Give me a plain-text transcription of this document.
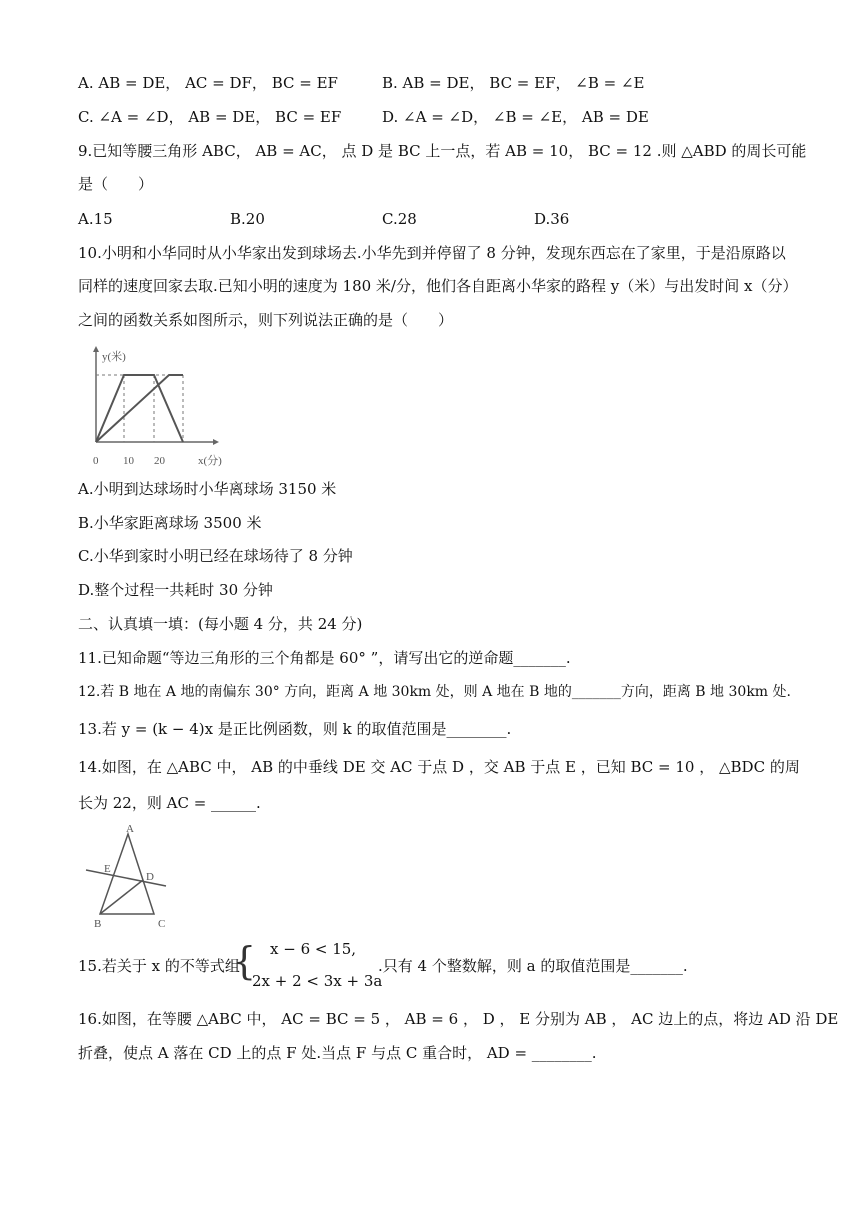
A. AB = DE， AC = DF， BC = EF	B. AB = DE， BC = EF， ∠B = ∠E
C. ∠A = ∠D， AB = DE， BC = EF	D. ∠A = ∠D， ∠B = ∠E， AB = DE
9.已知等腰三角形 ABC， AB = AC， 点 D 是 BC 上一点，若 AB = 10， BC = 12 .则 △ABD 的周长可能
是（　　）
A.15	B.20	C.28	D.36
10.小明和小华同时从小华家出发到球场去.小华先到并停留了 8 分钟，发现东西忘在了家里，于是沿原路以
同样的速度回家去取.已知小明的速度为 180 米/分，他们各自距离小华家的路程 y（米）与出发时间 x（分）
之间的函数关系如图所示，则下列说法正确的是（　　）
y(米)
x(分)
0 10 20
A.小明到达球场时小华离球场 3150 米
B.小华家距离球场 3500 米
C.小华到家时小明已经在球场待了 8 分钟
D.整个过程一共耗时 30 分钟
二、认真填一填：(每小题 4 分，共 24 分)
11.已知命题“等边三角形的三个角都是 60° ”，请写出它的逆命题_______.
12.若 B 地在 A 地的南偏东 30° 方向，距离 A 地 30km 处，则 A 地在 B 地的_______方向，距离 B 地 30km 处.
13.若 y = (k − 4)x 是正比例函数，则 k 的取值范围是________.
14.如图，在 △ABC 中， AB 的中垂线 DE 交 AC 于点 D ，交 AB 于点 E ，已知 BC = 10 ， △BDC 的周
长为 22，则 AC = ______.
A
E
D
B	C
15.若关于 x 的不等式组
{ x − 6 < 15,
2x + 2 < 3x + 3a
.只有 4 个整数解，则 a 的取值范围是_______.
16.如图，在等腰 △ABC 中， AC = BC = 5 ， AB = 6 ， D ， E 分别为 AB ， AC 边上的点，将边 AD 沿 DE
折叠，使点 A 落在 CD 上的点 F 处.当点 F 与点 C 重合时， AD = ________.
